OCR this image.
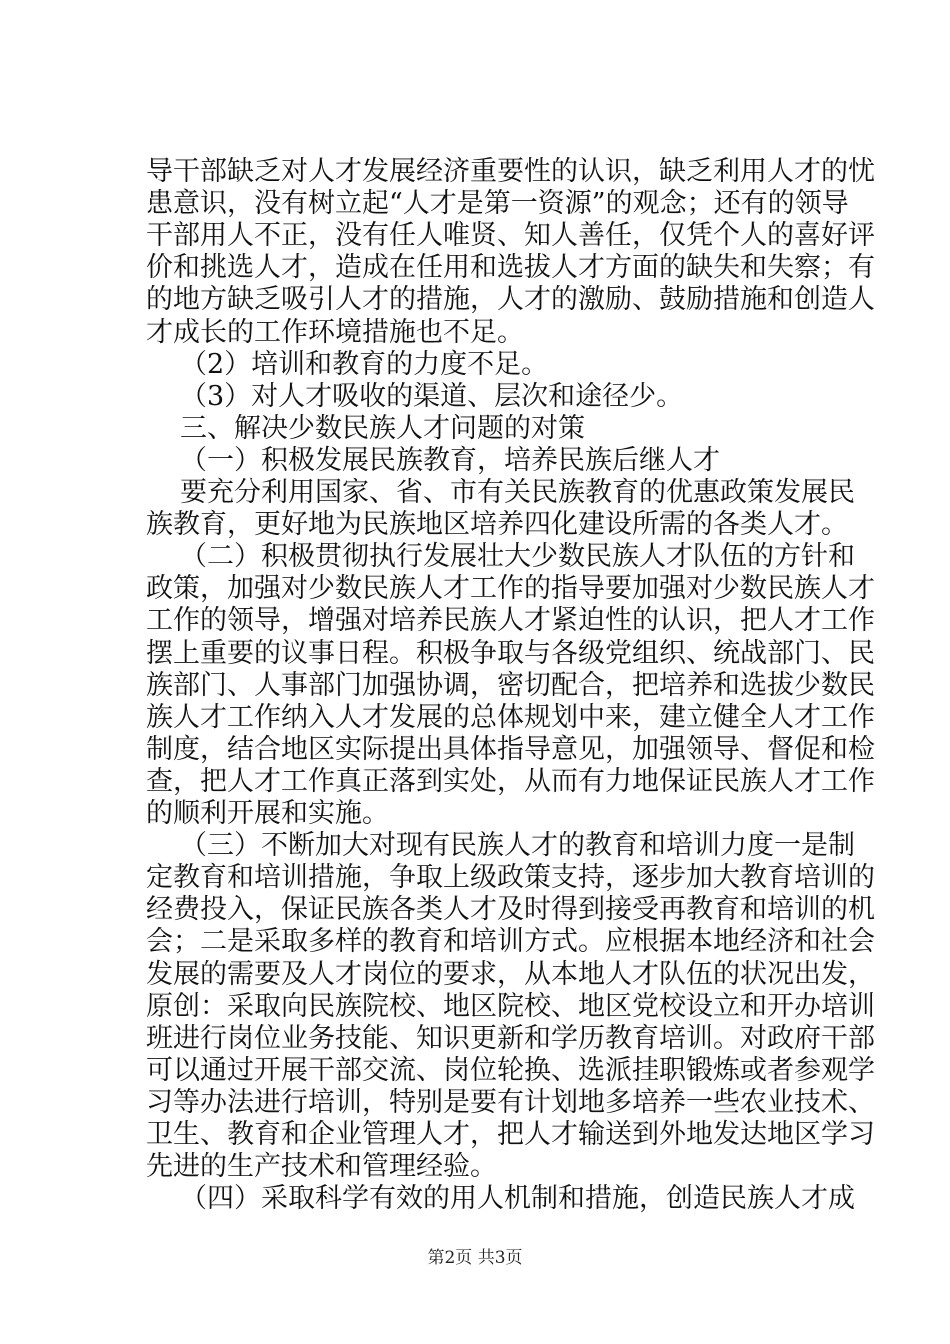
导干部缺乏对人才发展经济重要性的认识，缺乏利用人才的忧
患意识，没有树立起“人才是第一资源”的观念；还有的领导
干部用人不正，没有任人唯贤、知人善任，仅凭个人的喜好评
价和挑选人才，造成在任用和选拔人才方面的缺失和失察；有
的地方缺乏吸引人才的措施，人才的激励、鼓励措施和创造人
才成长的工作环境措施也不足。
（2）培训和教育的力度不足。
（3）对人才吸收的渠道、层次和途径少。
三、解决少数民族人才问题的对策
（一）积极发展民族教育，培养民族后继人才
要充分利用国家、省、市有关民族教育的优惠政策发展民
族教育，更好地为民族地区培养四化建设所需的各类人才。
（二）积极贯彻执行发展壮大少数民族人才队伍的方针和
政策，加强对少数民族人才工作的指导要加强对少数民族人才
工作的领导，增强对培养民族人才紧迫性的认识，把人才工作
摆上重要的议事日程。积极争取与各级党组织、统战部门、民
族部门、人事部门加强协调，密切配合，把培养和选拔少数民
族人才工作纳入人才发展的总体规划中来，建立健全人才工作
制度，结合地区实际提出具体指导意见，加强领导、督促和检
查，把人才工作真正落到实处，从而有力地保证民族人才工作
的顺利开展和实施。
（三）不断加大对现有民族人才的教育和培训力度一是制
定教育和培训措施，争取上级政策支持，逐步加大教育培训的
经费投入，保证民族各类人才及时得到接受再教育和培训的机
会；二是采取多样的教育和培训方式。应根据本地经济和社会
发展的需要及人才岗位的要求，从本地人才队伍的状况出发，
原创：采取向民族院校、地区院校、地区党校设立和开办培训
班进行岗位业务技能、知识更新和学历教育培训。对政府干部
可以通过开展干部交流、岗位轮换、选派挂职锻炼或者参观学
习等办法进行培训，特别是要有计划地多培养一些农业技术、
卫生、教育和企业管理人才，把人才输送到外地发达地区学习
先进的生产技术和管理经验。
（四）采取科学有效的用人机制和措施，创造民族人才成
第2页 共3页
